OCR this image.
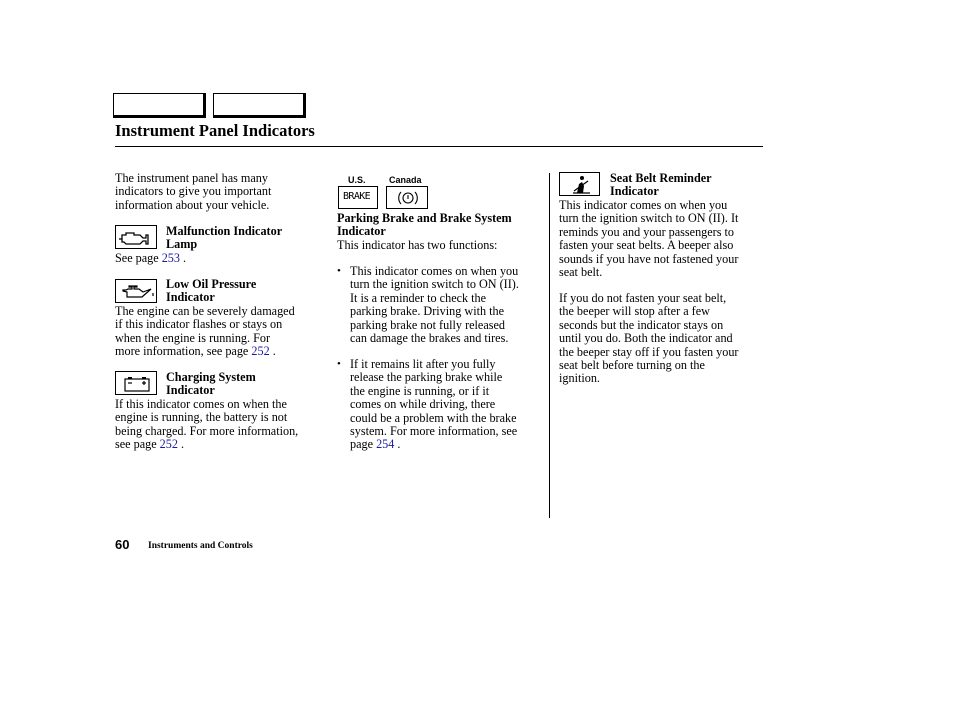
Instrument Panel Indicators

The instrument panel has many

indicators to give you important

information about your vehicle.

Malfunction Indicator

Lamp

See page 253 .

Low Oil Pressure

Indicator

The engine can be severely damaged

if this indicator flashes or stays on

when the engine is running. For

more information, see page 252 .

Charging System

Indicator

If this indicator comes on when the

engine is running, the battery is not

being charged. For more information,

see page 252 .

U.S.	Canada
BRAKE

Parking Brake and Brake System

Indicator

This indicator has two functions:

• This indicator comes on when you

turn the ignition switch to ON (II).

It is a reminder to check the

parking brake. Driving with the

parking brake not fully released

can damage the brakes and tires.

• If it remains lit after you fully

release the parking brake while

the engine is running, or if it

comes on while driving, there

could be a problem with the brake

system. For more information, see

page 254 .

Seat Belt Reminder

Indicator

This indicator comes on when you

turn the ignition switch to ON (II). It

reminds you and your passengers to

fasten your seat belts. A beeper also

sounds if you have not fastened your

seat belt.

If you do not fasten your seat belt,

the beeper will stop after a few

seconds but the indicator stays on

until you do. Both the indicator and

the beeper stay off if you fasten your

seat belt before turning on the

ignition.

60 Instruments and Controls
